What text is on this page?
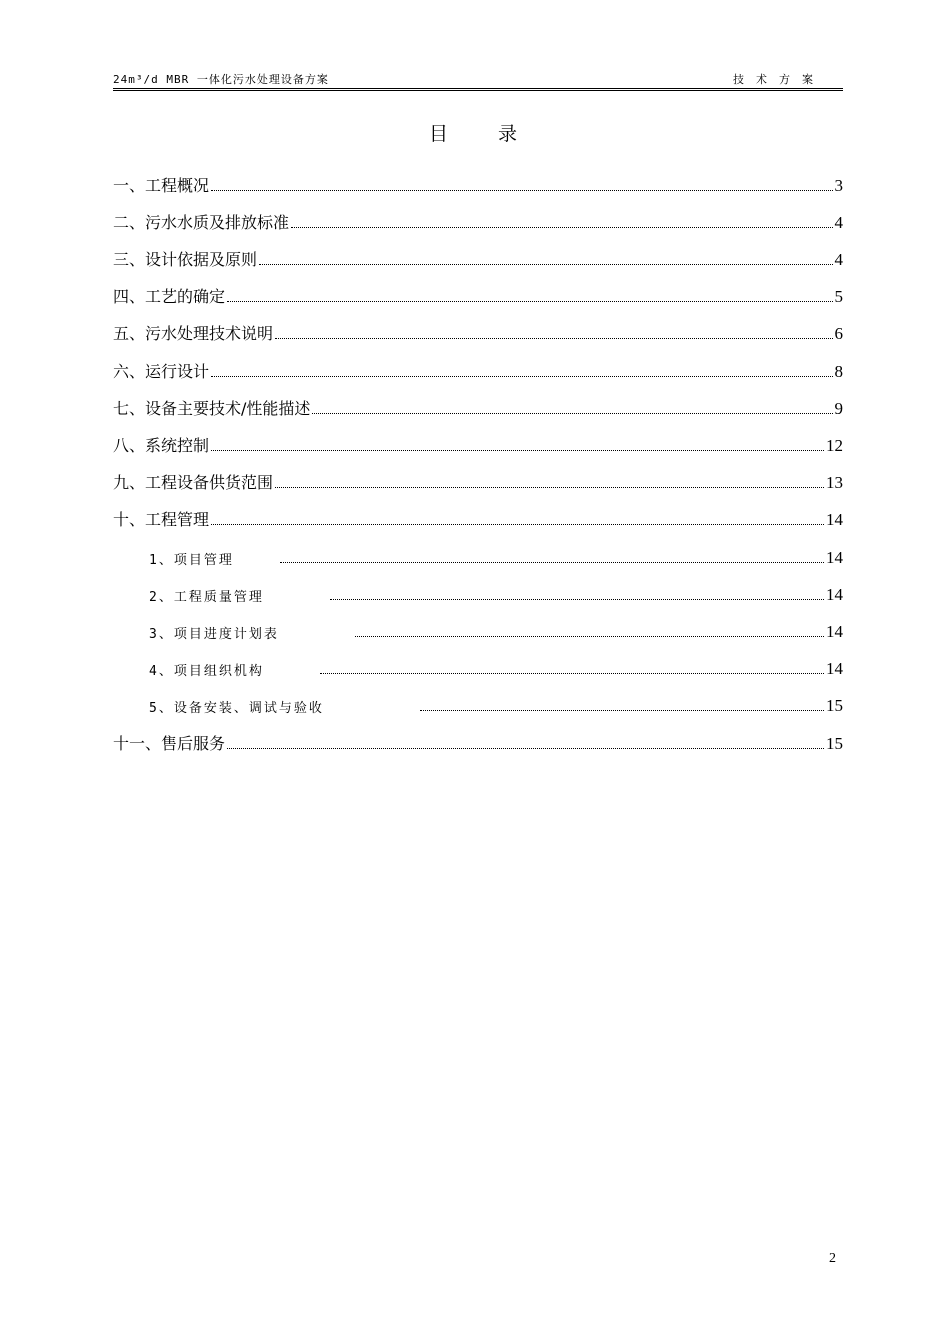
24m³/d MBR 一体化污水处理设备方案	技术方案
目　　录
一、工程概况	3
二、污水水质及排放标准	4
三、设计依据及原则	4
四、工艺的确定	5
五、污水处理技术说明	6
六、运行设计	8
七、设备主要技术/性能描述	9
八、系统控制	12
九、工程设备供货范围	13
十、工程管理	14
1、项目管理	14
2、工程质量管理	14
3、项目进度计划表	14
4、项目组织机构	14
5、设备安装、调试与验收	15
十一、售后服务	15
2
